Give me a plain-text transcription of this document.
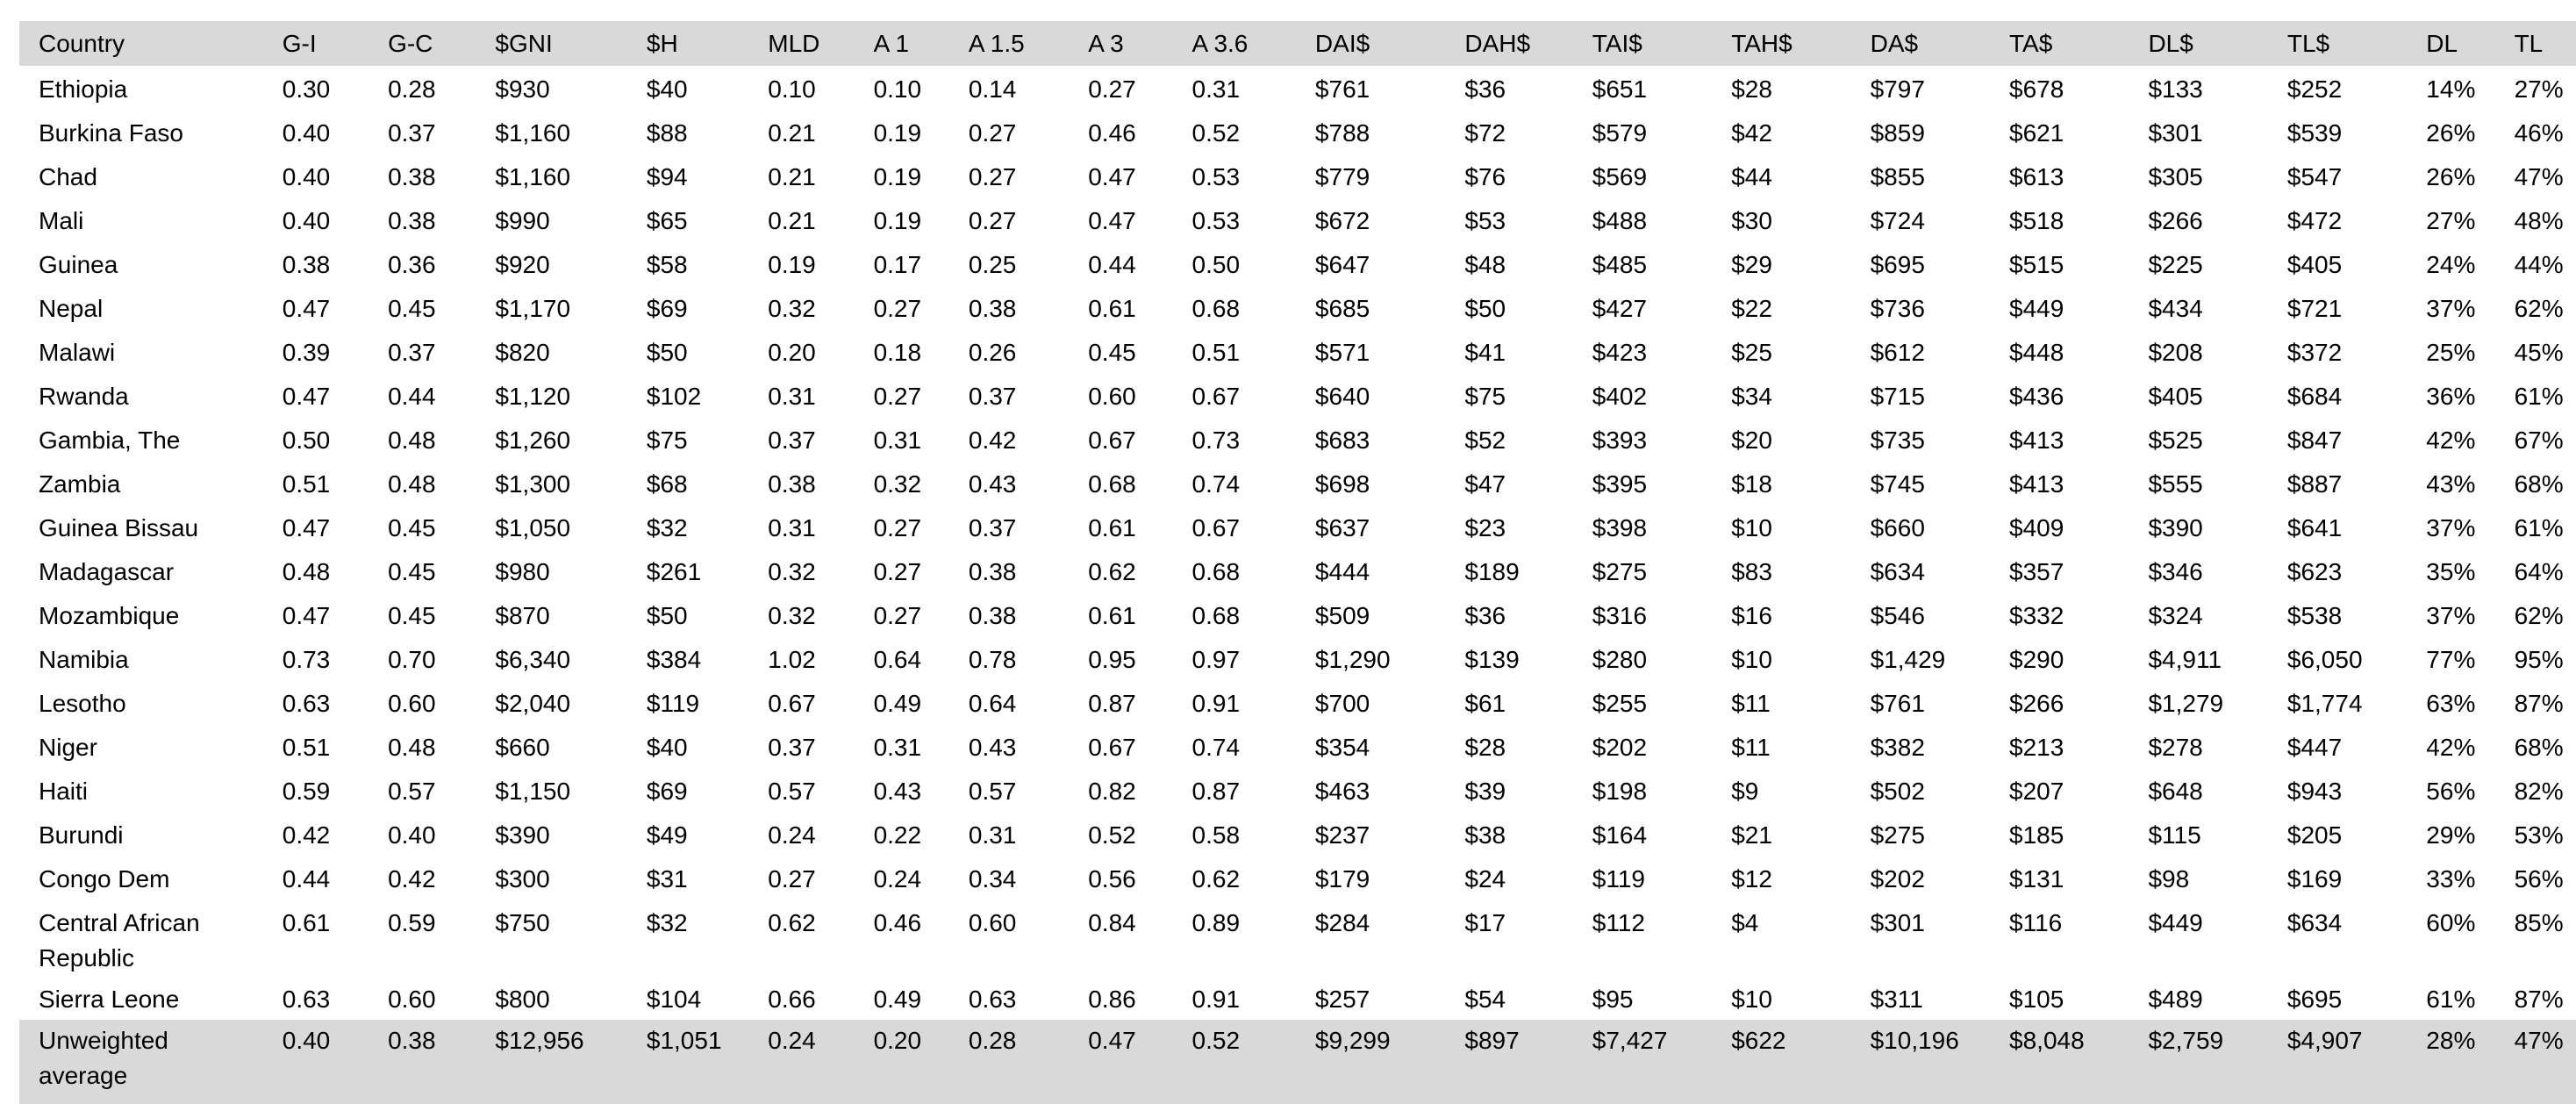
Country	G-I	G-C	$GNI	$H	MLD	A 1	A 1.5	A 3	A 3.6	DAI$	DAH$	TAI$	TAH$	DA$	TA$	DL$	TL$	DL	TL
Ethiopia	0.30	0.28	$930	$40	0.10	0.10	0.14	0.27	0.31	$761	$36	$651	$28	$797	$678	$133	$252	14%	27%
Burkina Faso	0.40	0.37	$1,160	$88	0.21	0.19	0.27	0.46	0.52	$788	$72	$579	$42	$859	$621	$301	$539	26%	46%
Chad	0.40	0.38	$1,160	$94	0.21	0.19	0.27	0.47	0.53	$779	$76	$569	$44	$855	$613	$305	$547	26%	47%
Mali	0.40	0.38	$990	$65	0.21	0.19	0.27	0.47	0.53	$672	$53	$488	$30	$724	$518	$266	$472	27%	48%
Guinea	0.38	0.36	$920	$58	0.19	0.17	0.25	0.44	0.50	$647	$48	$485	$29	$695	$515	$225	$405	24%	44%
Nepal	0.47	0.45	$1,170	$69	0.32	0.27	0.38	0.61	0.68	$685	$50	$427	$22	$736	$449	$434	$721	37%	62%
Malawi	0.39	0.37	$820	$50	0.20	0.18	0.26	0.45	0.51	$571	$41	$423	$25	$612	$448	$208	$372	25%	45%
Rwanda	0.47	0.44	$1,120	$102	0.31	0.27	0.37	0.60	0.67	$640	$75	$402	$34	$715	$436	$405	$684	36%	61%
Gambia, The	0.50	0.48	$1,260	$75	0.37	0.31	0.42	0.67	0.73	$683	$52	$393	$20	$735	$413	$525	$847	42%	67%
Zambia	0.51	0.48	$1,300	$68	0.38	0.32	0.43	0.68	0.74	$698	$47	$395	$18	$745	$413	$555	$887	43%	68%
Guinea Bissau	0.47	0.45	$1,050	$32	0.31	0.27	0.37	0.61	0.67	$637	$23	$398	$10	$660	$409	$390	$641	37%	61%
Madagascar	0.48	0.45	$980	$261	0.32	0.27	0.38	0.62	0.68	$444	$189	$275	$83	$634	$357	$346	$623	35%	64%
Mozambique	0.47	0.45	$870	$50	0.32	0.27	0.38	0.61	0.68	$509	$36	$316	$16	$546	$332	$324	$538	37%	62%
Namibia	0.73	0.70	$6,340	$384	1.02	0.64	0.78	0.95	0.97	$1,290	$139	$280	$10	$1,429	$290	$4,911	$6,050	77%	95%
Lesotho	0.63	0.60	$2,040	$119	0.67	0.49	0.64	0.87	0.91	$700	$61	$255	$11	$761	$266	$1,279	$1,774	63%	87%
Niger	0.51	0.48	$660	$40	0.37	0.31	0.43	0.67	0.74	$354	$28	$202	$11	$382	$213	$278	$447	42%	68%
Haiti	0.59	0.57	$1,150	$69	0.57	0.43	0.57	0.82	0.87	$463	$39	$198	$9	$502	$207	$648	$943	56%	82%
Burundi	0.42	0.40	$390	$49	0.24	0.22	0.31	0.52	0.58	$237	$38	$164	$21	$275	$185	$115	$205	29%	53%
Congo Dem	0.44	0.42	$300	$31	0.27	0.24	0.34	0.56	0.62	$179	$24	$119	$12	$202	$131	$98	$169	33%	56%
Central African Republic	0.61	0.59	$750	$32	0.62	0.46	0.60	0.84	0.89	$284	$17	$112	$4	$301	$116	$449	$634	60%	85%
Sierra Leone	0.63	0.60	$800	$104	0.66	0.49	0.63	0.86	0.91	$257	$54	$95	$10	$311	$105	$489	$695	61%	87%
Unweighted average	0.40	0.38	$12,956	$1,051	0.24	0.20	0.28	0.47	0.52	$9,299	$897	$7,427	$622	$10,196	$8,048	$2,759	$4,907	28%	47%
